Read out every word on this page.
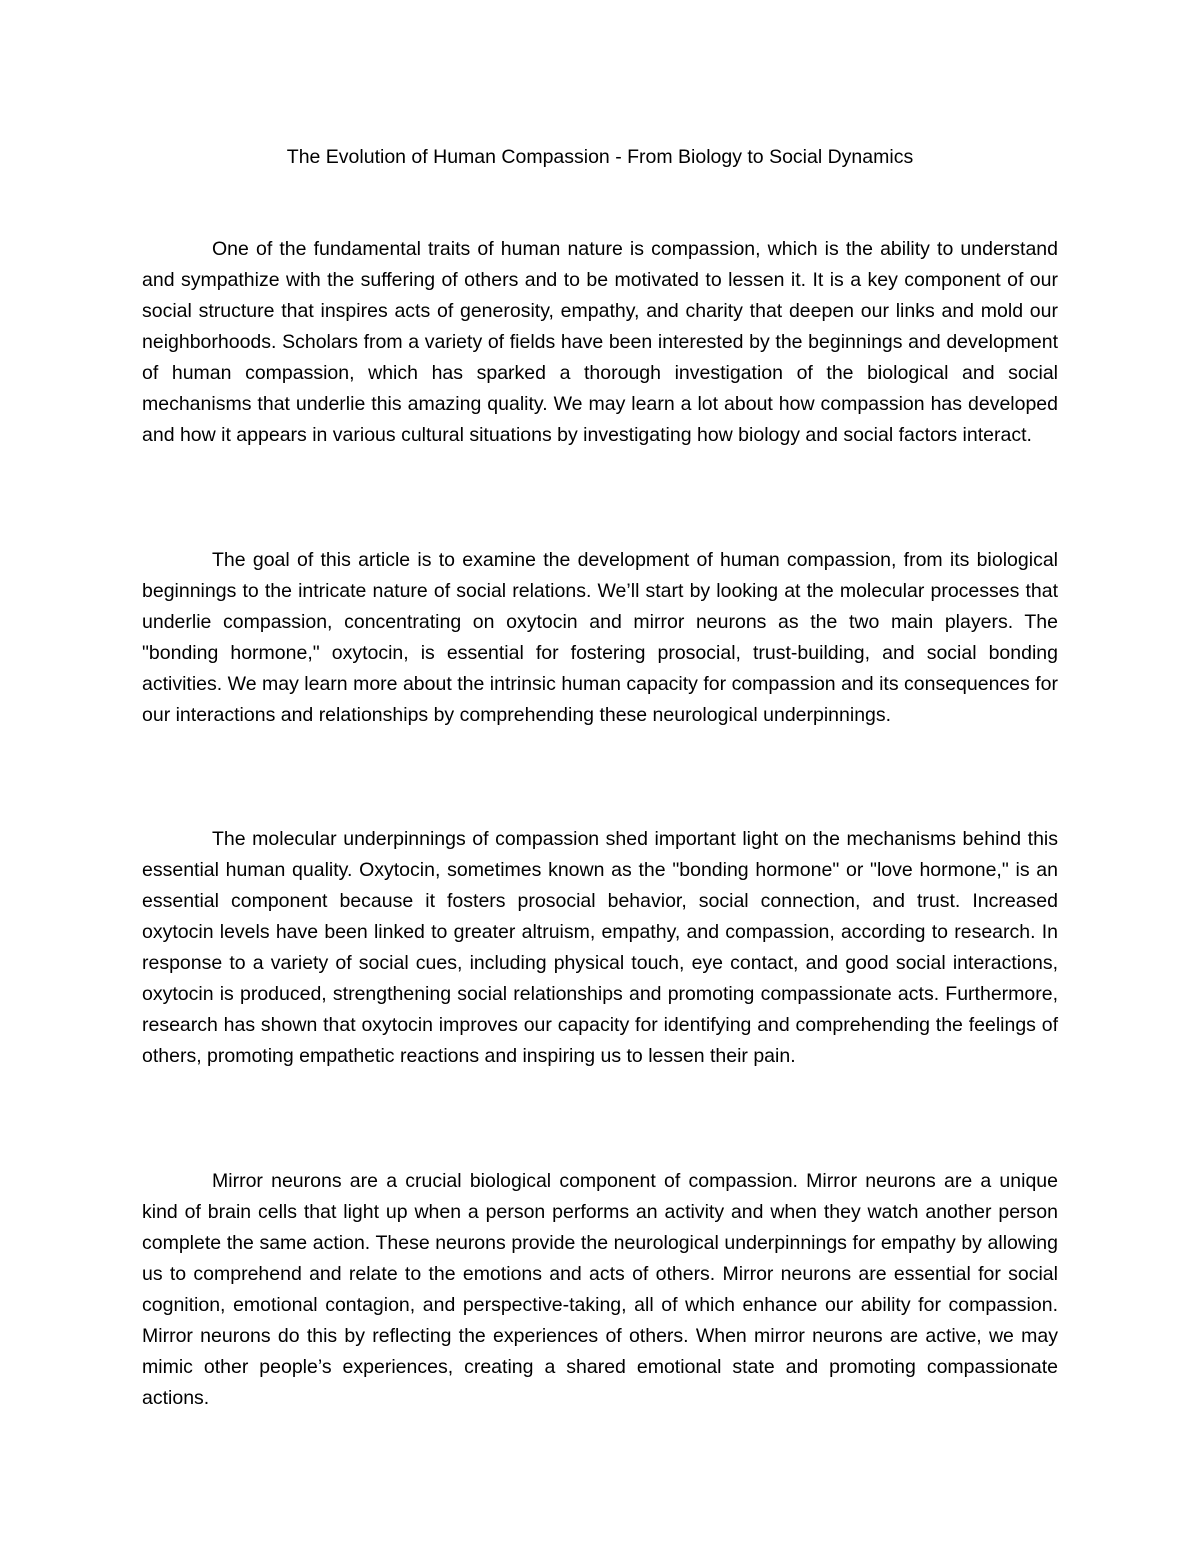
The Evolution of Human Compassion - From Biology to Social Dynamics

One of the fundamental traits of human nature is compassion, which is the ability to understand and sympathize with the suffering of others and to be motivated to lessen it. It is a key component of our social structure that inspires acts of generosity, empathy, and charity that deepen our links and mold our neighborhoods. Scholars from a variety of fields have been interested by the beginnings and development of human compassion, which has sparked a thorough investigation of the biological and social mechanisms that underlie this amazing quality. We may learn a lot about how compassion has developed and how it appears in various cultural situations by investigating how biology and social factors interact.

The goal of this article is to examine the development of human compassion, from its biological beginnings to the intricate nature of social relations. We’ll start by looking at the molecular processes that underlie compassion, concentrating on oxytocin and mirror neurons as the two main players. The "bonding hormone," oxytocin, is essential for fostering prosocial, trust-building, and social bonding activities. We may learn more about the intrinsic human capacity for compassion and its consequences for our interactions and relationships by comprehending these neurological underpinnings.

The molecular underpinnings of compassion shed important light on the mechanisms behind this essential human quality. Oxytocin, sometimes known as the "bonding hormone" or "love hormone," is an essential component because it fosters prosocial behavior, social connection, and trust. Increased oxytocin levels have been linked to greater altruism, empathy, and compassion, according to research. In response to a variety of social cues, including physical touch, eye contact, and good social interactions, oxytocin is produced, strengthening social relationships and promoting compassionate acts. Furthermore, research has shown that oxytocin improves our capacity for identifying and comprehending the feelings of others, promoting empathetic reactions and inspiring us to lessen their pain.

Mirror neurons are a crucial biological component of compassion. Mirror neurons are a unique kind of brain cells that light up when a person performs an activity and when they watch another person complete the same action. These neurons provide the neurological underpinnings for empathy by allowing us to comprehend and relate to the emotions and acts of others. Mirror neurons are essential for social cognition, emotional contagion, and perspective-taking, all of which enhance our ability for compassion. Mirror neurons do this by reflecting the experiences of others. When mirror neurons are active, we may mimic other people’s experiences, creating a shared emotional state and promoting compassionate actions.
